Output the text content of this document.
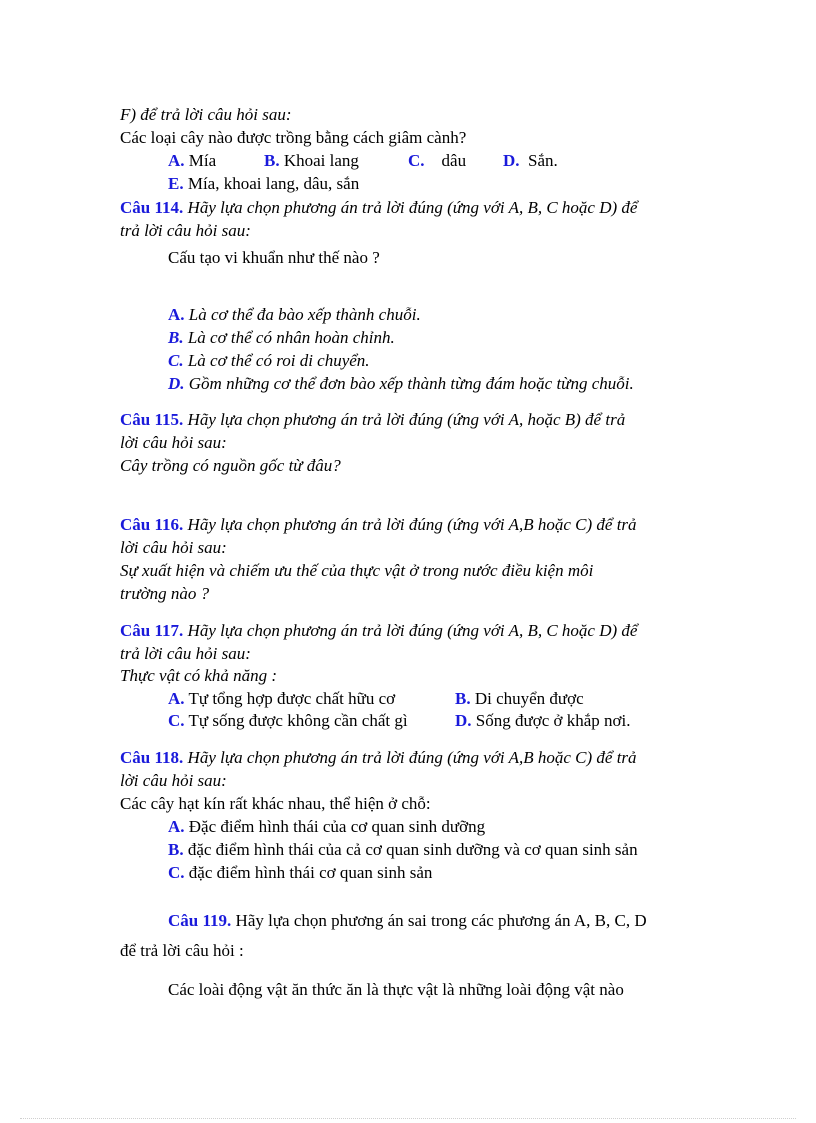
F) để trả lời câu hỏi sau:
Các loại cây nào được trồng bằng cách giâm cành?
A. Mía	B. Khoai lang	C. dâu D. Sắn.
E. Mía, khoai lang, dâu, sắn
Câu 114. Hãy lựa chọn phương án trả lời đúng (ứng với A, B, C hoặc D) để
trả lời câu hỏi sau:
Cấu tạo vi khuẩn như thế nào ?
A. Là cơ thể đa bào xếp thành chuỗi.
B. Là cơ thể có nhân hoàn chỉnh.
C. Là cơ thể có roi di chuyển.
D. Gồm những cơ thể đơn bào xếp thành từng đám hoặc từng chuỗi.
Câu 115. Hãy lựa chọn phương án trả lời đúng (ứng với A, hoặc B) để trả
lời câu hỏi sau:
Cây trồng có nguồn gốc từ đâu?
Câu 116. Hãy lựa chọn phương án trả lời đúng (ứng với A,B hoặc C) để trả
lời câu hỏi sau:
Sự xuất hiện và chiếm ưu thế của thực vật ở trong nước điều kiện môi
trường nào ?
Câu 117. Hãy lựa chọn phương án trả lời đúng (ứng với A, B, C hoặc D) để
trả lời câu hỏi sau:
Thực vật có khả năng :
A. Tự tổng hợp được chất hữu cơ	B. Di chuyển được
C. Tự sống được không cần chất gì	D. Sống được ở khắp nơi.
Câu 118. Hãy lựa chọn phương án trả lời đúng (ứng với A,B hoặc C) để trả
lời câu hỏi sau:
Các cây hạt kín rất khác nhau, thể hiện ở chỗ:
A. Đặc điểm hình thái của cơ quan sinh dưỡng
B. đặc điểm hình thái của cả cơ quan sinh dưỡng và cơ quan sinh sản
C. đặc điểm hình thái cơ quan sinh sản
Câu 119. Hãy lựa chọn phương án sai trong các phương án A, B, C, D
để trả lời câu hỏi :
Các loài động vật ăn thức ăn là thực vật là những loài động vật nào
